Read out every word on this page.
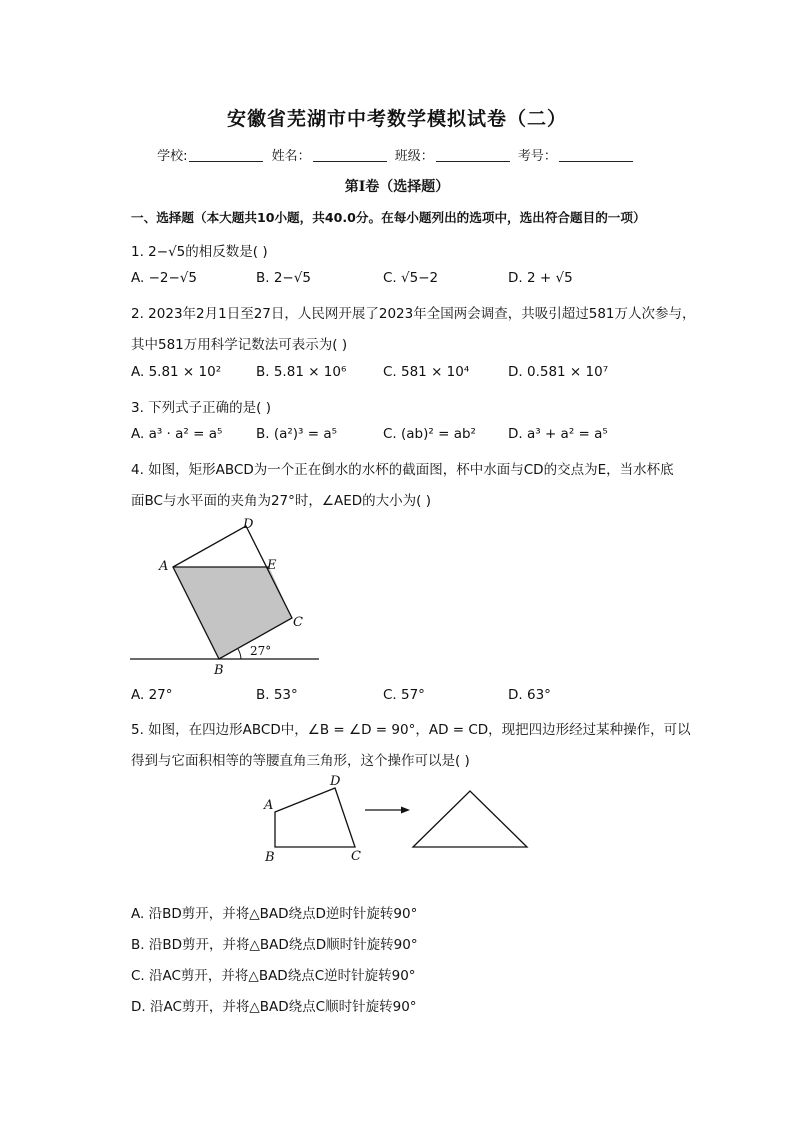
安徽省芜湖市中考数学模拟试卷（二）
学校:	姓名：	班级：	考号：
第Ⅰ卷（选择题）
一、选择题（本大题共10小题，共40.0分。在每小题列出的选项中，选出符合题目的一项）
1. 2−√5的相反数是( )
A. −2−√5	B. 2−√5	C. √5−2	D. 2 + √5
2. 2023年2月1日至27日，人民网开展了2023年全国两会调查，共吸引超过581万人次参与，
其中581万用科学记数法可表示为( )
A. 5.81 × 10²	B. 5.81 × 10⁶	C. 581 × 10⁴	D. 0.581 × 10⁷
3. 下列式子正确的是( )
A. a³ · a² = a⁵ B. (a²)³ = a⁵	C. (ab)² = ab² D. a³ + a² = a⁵
4. 如图，矩形ABCD为一个正在倒水的水杯的截面图，杯中水面与CD的交点为E，当水杯底
面BC与水平面的夹角为27°时，∠AED的大小为( )
D
A	E
C
B
27°
A. 27°	B. 53°	C. 57°	D. 63°
5. 如图，在四边形ABCD中，∠B = ∠D = 90°，AD = CD，现把四边形经过某种操作，可以
得到与它面积相等的等腰直角三角形，这个操作可以是( )
A
D
B	C
A. 沿BD剪开，并将△BAD绕点D逆时针旋转90°
B. 沿BD剪开，并将△BAD绕点D顺时针旋转90°
C. 沿AC剪开，并将△BAD绕点C逆时针旋转90°
D. 沿AC剪开，并将△BAD绕点C顺时针旋转90°
